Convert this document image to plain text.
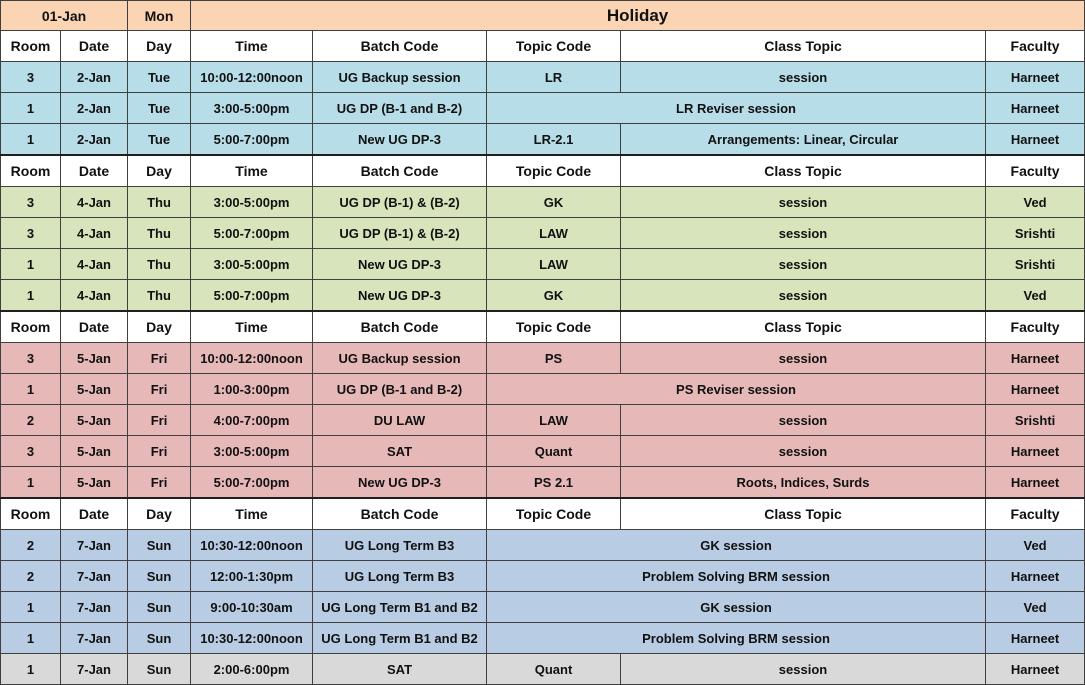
01-Jan		Mon	Holiday				
Room	Date	Day	Time	Batch Code	Topic Code	Class Topic	Faculty
3	2-Jan	Tue	10:00-12:00noon	UG Backup session	LR	session	Harneet
1	2-Jan	Tue	3:00-5:00pm	UG DP (B-1 and B-2)	LR Reviser session		Harneet
1	2-Jan	Tue	5:00-7:00pm	New UG DP-3	LR-2.1	Arrangements: Linear, Circular	Harneet
Room	Date	Day	Time	Batch Code	Topic Code	Class Topic	Faculty
3	4-Jan	Thu	3:00-5:00pm	UG DP (B-1) & (B-2)	GK	session	Ved
3	4-Jan	Thu	5:00-7:00pm	UG DP (B-1) & (B-2)	LAW	session	Srishti
1	4-Jan	Thu	3:00-5:00pm	New UG DP-3	LAW	session	Srishti
1	4-Jan	Thu	5:00-7:00pm	New UG DP-3	GK	session	Ved
Room	Date	Day	Time	Batch Code	Topic Code	Class Topic	Faculty
3	5-Jan	Fri	10:00-12:00noon	UG Backup session	PS	session	Harneet
1	5-Jan	Fri	1:00-3:00pm	UG DP (B-1 and B-2)	PS Reviser session		Harneet
2	5-Jan	Fri	4:00-7:00pm	DU LAW	LAW	session	Srishti
3	5-Jan	Fri	3:00-5:00pm	SAT	Quant	session	Harneet
1	5-Jan	Fri	5:00-7:00pm	New UG DP-3	PS 2.1	Roots, Indices, Surds	Harneet
Room	Date	Day	Time	Batch Code	Topic Code	Class Topic	Faculty
2	7-Jan	Sun	10:30-12:00noon	UG Long Term B3	GK session		Ved
2	7-Jan	Sun	12:00-1:30pm	UG Long Term B3	Problem Solving BRM session		Harneet
1	7-Jan	Sun	9:00-10:30am	UG Long Term B1 and B2	GK session		Ved
1	7-Jan	Sun	10:30-12:00noon	UG Long Term B1 and B2	Problem Solving BRM session		Harneet
1	7-Jan	Sun	2:00-6:00pm	SAT	Quant	session	Harneet
